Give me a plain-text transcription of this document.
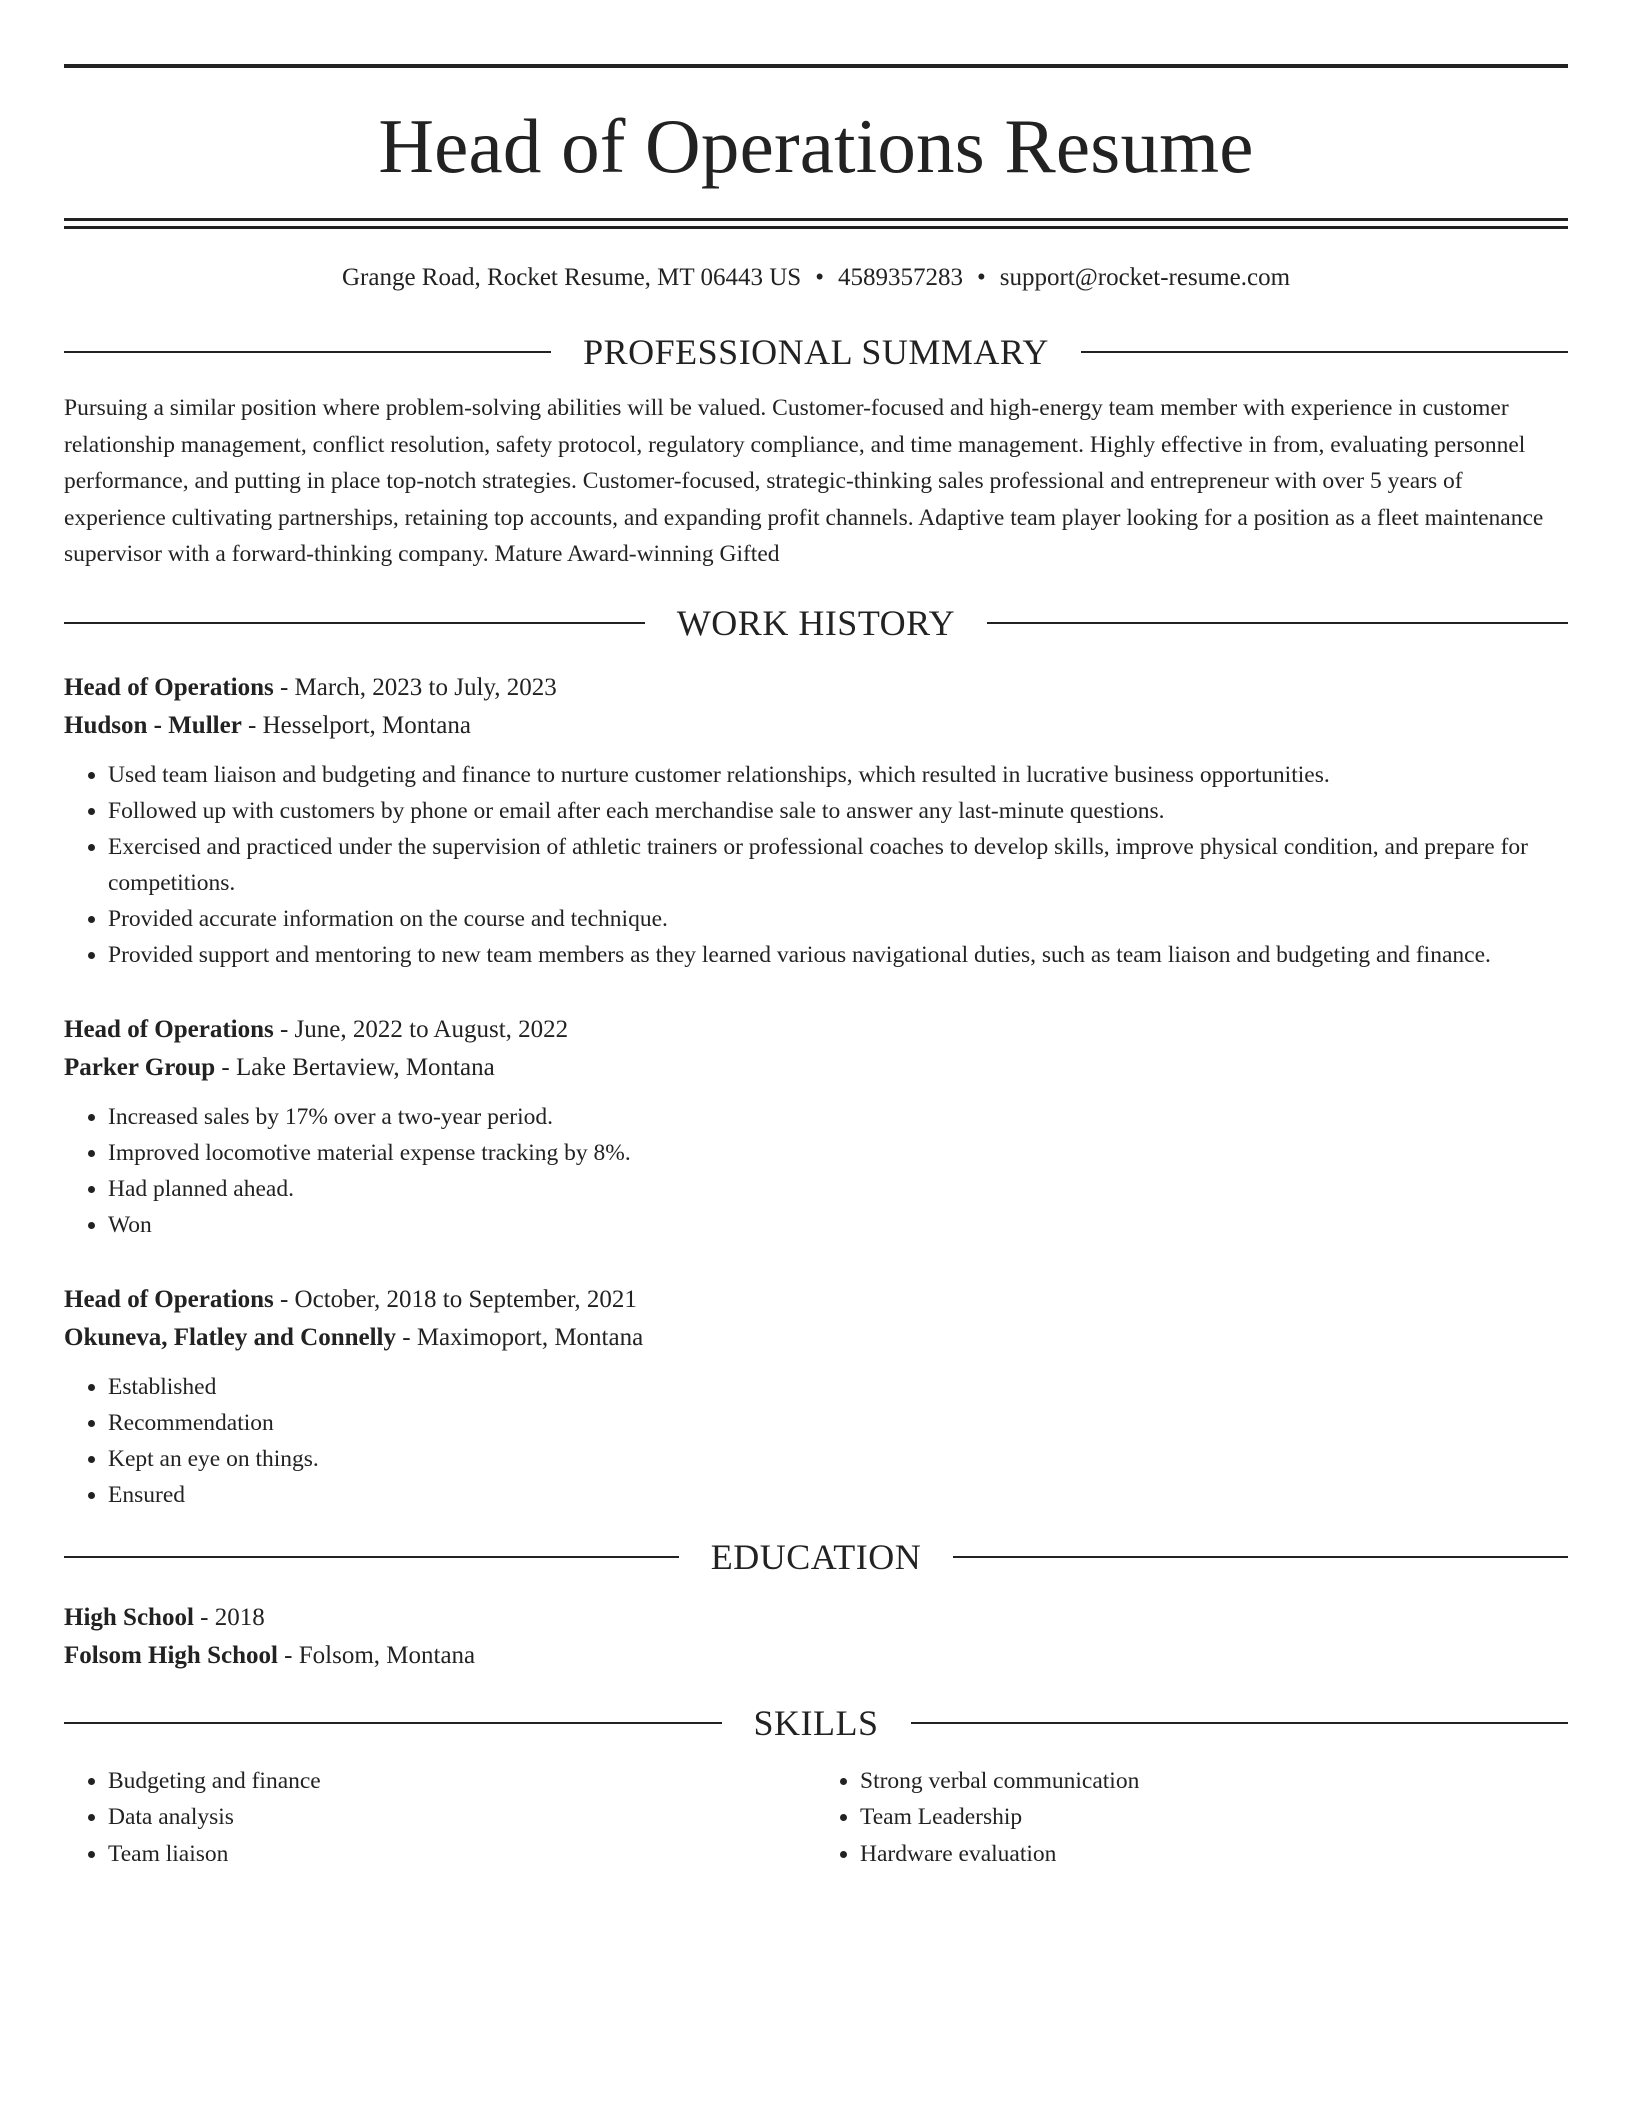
Head of Operations Resume
Grange Road, Rocket Resume, MT 06443 US • 4589357283 • support@rocket-resume.com
PROFESSIONAL SUMMARY
Pursuing a similar position where problem-solving abilities will be valued. Customer-focused and high-energy team member with experience in customer relationship management, conflict resolution, safety protocol, regulatory compliance, and time management. Highly effective in from, evaluating personnel performance, and putting in place top-notch strategies. Customer-focused, strategic-thinking sales professional and entrepreneur with over 5 years of experience cultivating partnerships, retaining top accounts, and expanding profit channels. Adaptive team player looking for a position as a fleet maintenance supervisor with a forward-thinking company. Mature Award-winning Gifted
WORK HISTORY
Head of Operations - March, 2023 to July, 2023
Hudson - Muller - Hesselport, Montana
• Used team liaison and budgeting and finance to nurture customer relationships, which resulted in lucrative business opportunities.
• Followed up with customers by phone or email after each merchandise sale to answer any last-minute questions.
• Exercised and practiced under the supervision of athletic trainers or professional coaches to develop skills, improve physical condition, and prepare for competitions.
• Provided accurate information on the course and technique.
• Provided support and mentoring to new team members as they learned various navigational duties, such as team liaison and budgeting and finance.
Head of Operations - June, 2022 to August, 2022
Parker Group - Lake Bertaview, Montana
• Increased sales by 17% over a two-year period.
• Improved locomotive material expense tracking by 8%.
• Had planned ahead.
• Won
Head of Operations - October, 2018 to September, 2021
Okuneva, Flatley and Connelly - Maximoport, Montana
• Established
• Recommendation
• Kept an eye on things.
• Ensured
EDUCATION
High School - 2018
Folsom High School - Folsom, Montana
SKILLS
• Budgeting and finance
• Data analysis
• Team liaison
• Strong verbal communication
• Team Leadership
• Hardware evaluation
